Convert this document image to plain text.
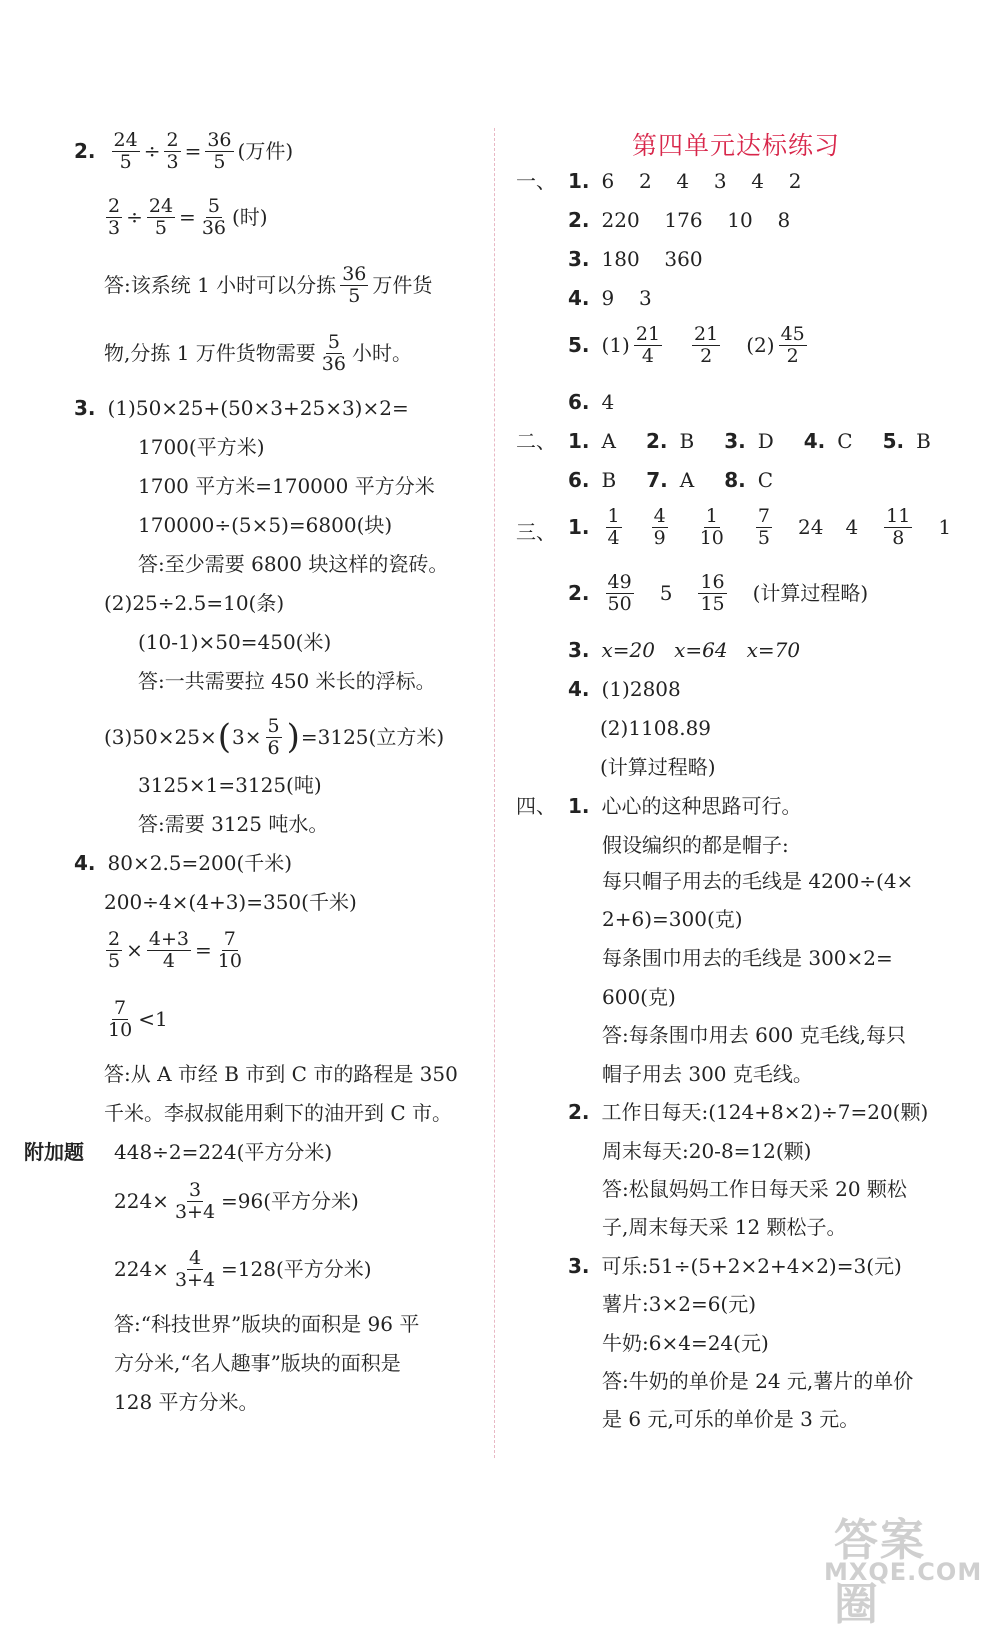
2. $\frac{24}{5} \div \frac{2}{3} = \frac{36}{5}$ (万件)
$\frac{2}{3} \div \frac{24}{5} = \frac{5}{36}$ (时)
答:该系统 1 小时可以分拣 $\frac{36}{5}$ 万件货
物,分拣 1 万件货物需要 $\frac{5}{36}$ 小时。
3. (1)50×25+(50×3+25×3)×2=
1700(平方米)
1700 平方米=170000 平方分米
170000÷(5×5)=6800(块)
答:至少需要 6800 块这样的瓷砖。
(2)25÷2.5=10(条)
(10-1)×50=450(米)
答:一共需要拉 450 米长的浮标。
(3)50×25× ( $3\times \frac{5}{6}$ ) =3125(立方米)
3125×1=3125(吨)
答:需要 3125 吨水。
4. 80×2.5=200(千米)
200÷4×(4+3)=350(千米)
$\frac{2}{5} \times \frac{4+3}{4} = \frac{7}{10}$
$\frac{7}{10} <1$
答:从 A 市经 B 市到 C 市的路程是 350
千米。李叔叔能用剩下的油开到 C 市。
附加题 448÷2=224(平方分米)
$224\times \frac{3}{3+4} =96$(平方分米)
$224\times \frac{4}{3+4} =128$(平方分米)
答:“科技世界”版块的面积是 96 平
方分米,“名人趣事”版块的面积是
128 平方分米。
第四单元达标练习
一、 1. 6  2  4  3  4  2
2. 220  176  10  8
3. 180  360
4. 9  3
5. $(1) \frac{21}{4} \frac{21}{2} (2) \frac{45}{2}$
6. 4
二、 1. A 2. B 3. D 4. C 5. B
6. B 7. A 8. C
三、 1. $\frac{1}{4} \frac{4}{9} \frac{1}{10} \frac{7}{5} 24$ $4 \frac{11}{8} 1$
2. $\frac{49}{50} 5 \frac{16}{15}$ (计算过程略)
3. x=20   x=64   x=70
4. (1)2808
(2)1108.89
(计算过程略)
四、 1. 心心的这种思路可行。
假设编织的都是帽子:
每只帽子用去的毛线是 4200÷(4×
2+6)=300(克)
每条围巾用去的毛线是 300×2=
600(克)
答:每条围巾用去 600 克毛线,每只
帽子用去 300 克毛线。
2. 工作日每天:(124+8×2)÷7=20(颗)
周末每天:20-8=12(颗)
答:松鼠妈妈工作日每天采 20 颗松
子,周末每天采 12 颗松子。
3. 可乐:51÷(5+2×2+4×2)=3(元)
薯片:3×2=6(元)
牛奶:6×4=24(元)
答:牛奶的单价是 24 元,薯片的单价
是 6 元,可乐的单价是 3 元。
答案圈
MXQE.COM
